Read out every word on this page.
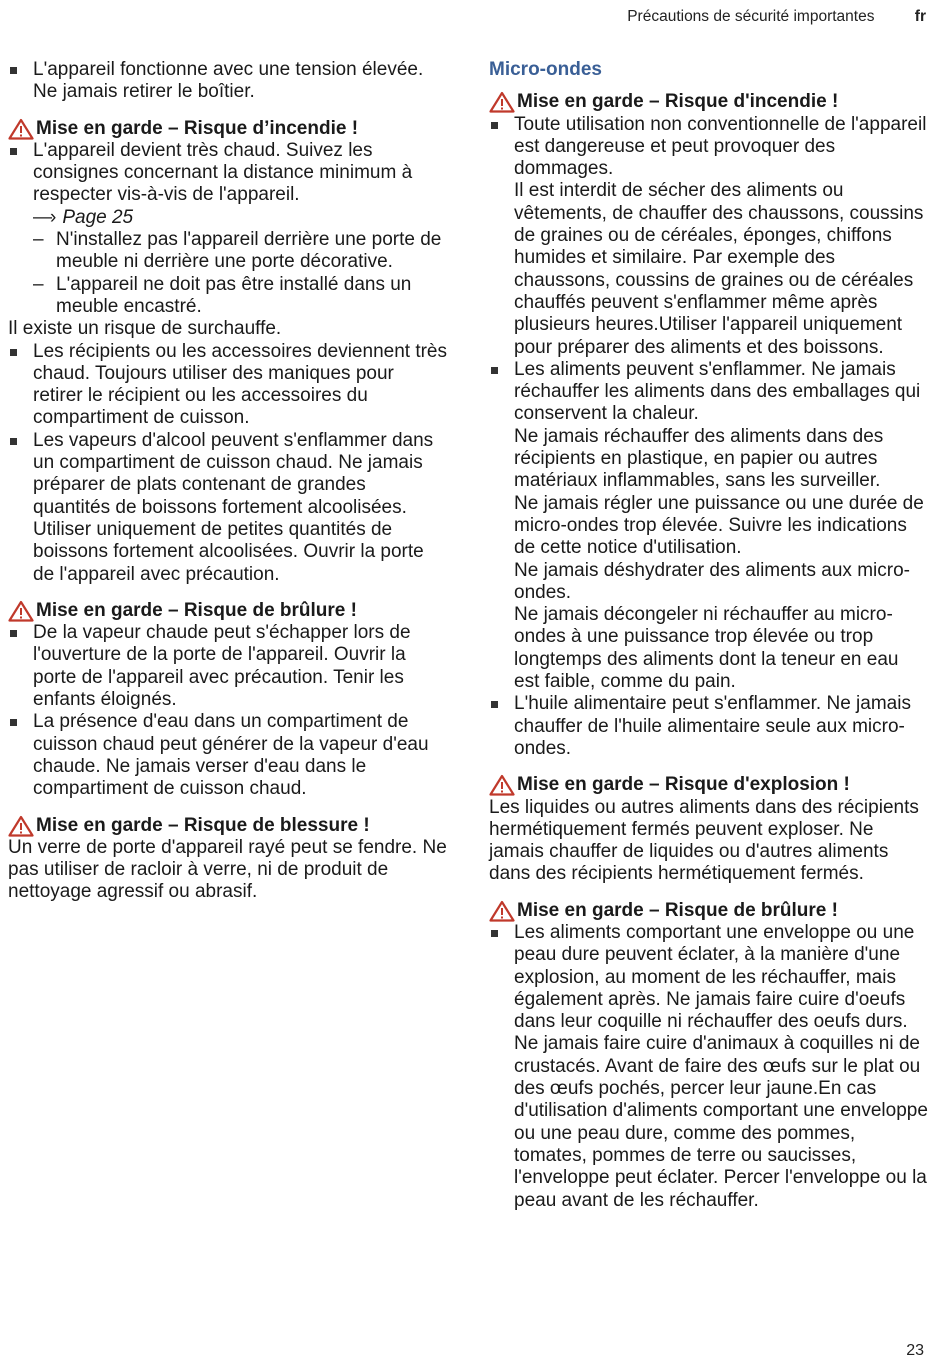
Précautions de sécurité importantes	fr
L'appareil fonctionne avec une tension élevée. Ne jamais retirer le boîtier.
Mise en garde – Risque d’incendie !
L'appareil devient très chaud. Suivez les consignes concernant la distance minimum à respecter vis-à-vis de l'appareil.
—› Page 25
– N'installez pas l'appareil derrière une porte de meuble ni derrière une porte décorative.
– L'appareil ne doit pas être installé dans un meuble encastré.
Il existe un risque de surchauffe.
Les récipients ou les accessoires deviennent très chaud. Toujours utiliser des maniques pour retirer le récipient ou les accessoires du compartiment de cuisson.
Les vapeurs d'alcool peuvent s'enflammer dans un compartiment de cuisson chaud. Ne jamais préparer de plats contenant de grandes quantités de boissons fortement alcoolisées. Utiliser uniquement de petites quantités de boissons fortement alcoolisées. Ouvrir la porte de l'appareil avec précaution.
Mise en garde – Risque de brûlure !
De la vapeur chaude peut s'échapper lors de l'ouverture de la porte de l'appareil. Ouvrir la porte de l'appareil avec précaution. Tenir les enfants éloignés.
La présence d'eau dans un compartiment de cuisson chaud peut générer de la vapeur d'eau chaude. Ne jamais verser d'eau dans le compartiment de cuisson chaud.
Mise en garde – Risque de blessure !
Un verre de porte d'appareil rayé peut se fendre. Ne pas utiliser de racloir à verre, ni de produit de nettoyage agressif ou abrasif.
Micro-ondes
Mise en garde – Risque d'incendie !
Toute utilisation non conventionnelle de l'appareil est dangereuse et peut provoquer des dommages.
Il est interdit de sécher des aliments ou vêtements, de chauffer des chaussons, coussins de graines ou de céréales, éponges, chiffons humides et similaire. Par exemple des chaussons, coussins de graines ou de céréales chauffés peuvent s'enflammer même après plusieurs heures.Utiliser l'appareil uniquement pour préparer des aliments et des boissons.
Les aliments peuvent s'enflammer. Ne jamais réchauffer les aliments dans des emballages qui conservent la chaleur.
Ne jamais réchauffer des aliments dans des récipients en plastique, en papier ou autres matériaux inflammables, sans les surveiller.
Ne jamais régler une puissance ou une durée de micro-ondes trop élevée. Suivre les indications de cette notice d'utilisation.
Ne jamais déshydrater des aliments aux micro-ondes.
Ne jamais décongeler ni réchauffer au micro-ondes à une puissance trop élevée ou trop longtemps des aliments dont la teneur en eau est faible, comme du pain.
L'huile alimentaire peut s'enflammer. Ne jamais chauffer de l'huile alimentaire seule aux micro-ondes.
Mise en garde – Risque d'explosion !
Les liquides ou autres aliments dans des récipients hermétiquement fermés peuvent exploser. Ne jamais chauffer de liquides ou d'autres aliments dans des récipients hermétiquement fermés.
Mise en garde – Risque de brûlure !
Les aliments comportant une enveloppe ou une peau dure peuvent éclater, à la manière d'une explosion, au moment de les réchauffer, mais également après. Ne jamais faire cuire d'oeufs dans leur coquille ni réchauffer des oeufs durs. Ne jamais faire cuire d'animaux à coquilles ni de crustacés. Avant de faire des œufs sur le plat ou des œufs pochés, percer leur jaune.En cas d'utilisation d'aliments comportant une enveloppe ou une peau dure, comme des pommes, tomates, pommes de terre ou saucisses, l'enveloppe peut éclater. Percer l'enveloppe ou la peau avant de les réchauffer.
23
